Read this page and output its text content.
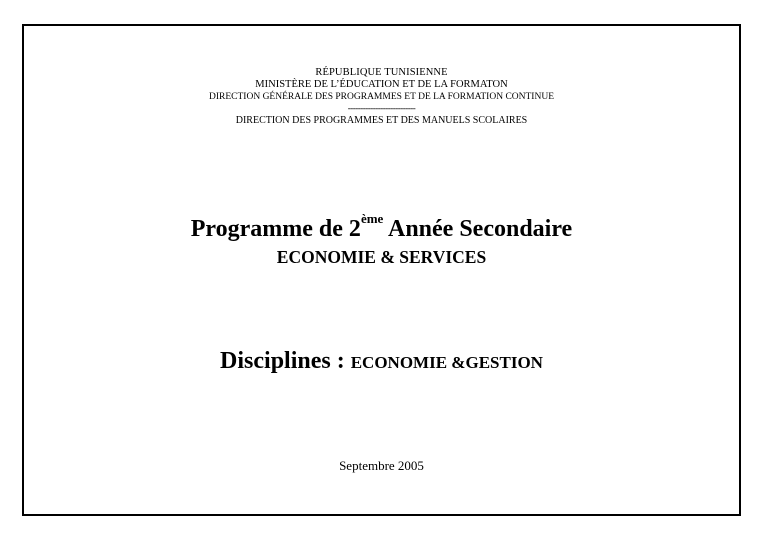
RÉPUBLIQUE TUNISIENNE
MINISTÈRE DE L’ÉDUCATION ET DE LA FORMATON
DIRECTION GÉNÉRALE DES PROGRAMMES ET DE LA FORMATION CONTINUE
---------------------------
DIRECTION DES PROGRAMMES ET DES MANUELS SCOLAIRES
Programme de 2ème Année Secondaire
ECONOMIE & SERVICES
Disciplines : ECONOMIE &GESTION
Septembre 2005
